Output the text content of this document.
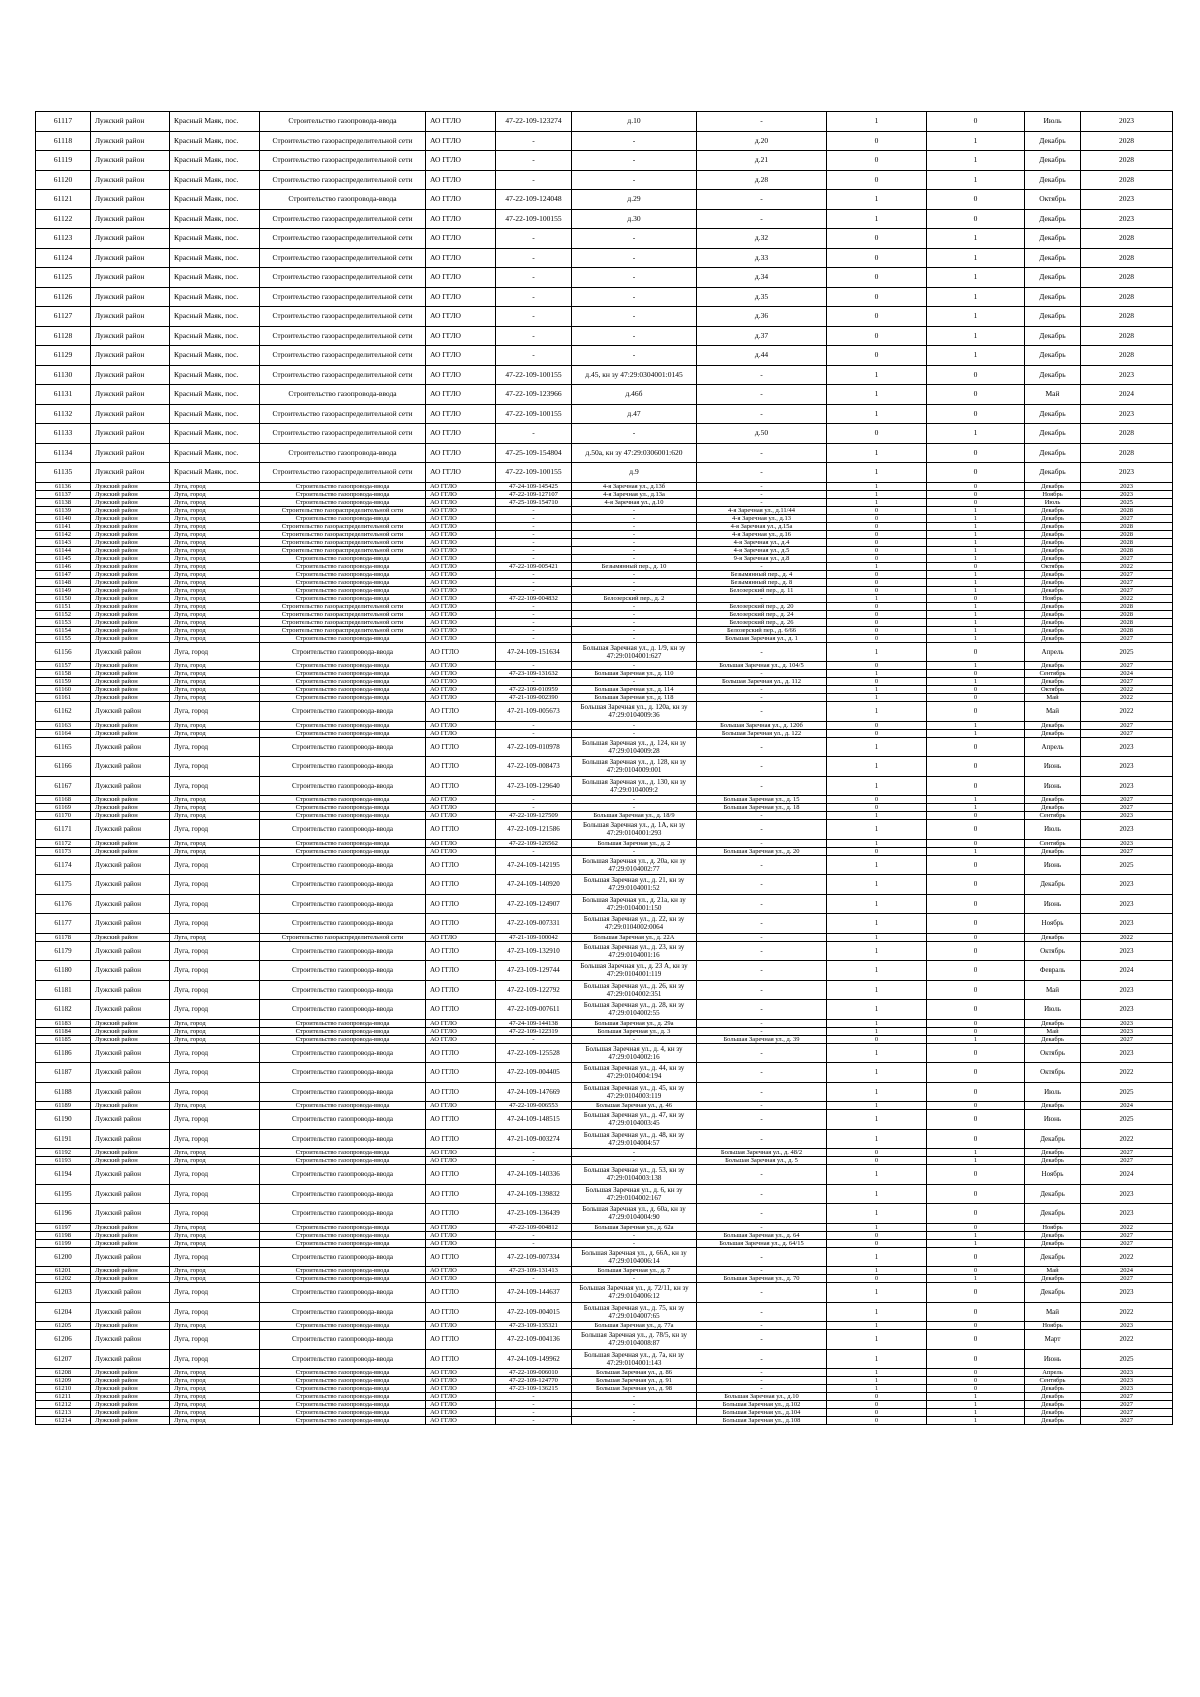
61117	Лужский район	Красный Маяк, пос.	Строительство газопровода-ввода	АО ГГЛО	47-22-109-123274	д.10	-	1	0	Июль	2023
61118	Лужский район	Красный Маяк, пос.	Строительство газораспределительной сети	АО ГГЛО	-	-	д.20	0	1	Декабрь	2028
61119	Лужский район	Красный Маяк, пос.	Строительство газораспределительной сети	АО ГГЛО	-	-	д.21	0	1	Декабрь	2028
61120	Лужский район	Красный Маяк, пос.	Строительство газораспределительной сети	АО ГГЛО	-	-	д.28	0	1	Декабрь	2028
61121	Лужский район	Красный Маяк, пос.	Строительство газопровода-ввода	АО ГГЛО	47-22-109-124048	д.29	-	1	0	Октябрь	2023
61122	Лужский район	Красный Маяк, пос.	Строительство газораспределительной сети	АО ГГЛО	47-22-109-100155	д.30	-	1	0	Декабрь	2023
61123	Лужский район	Красный Маяк, пос.	Строительство газораспределительной сети	АО ГГЛО	-	-	д.32	0	1	Декабрь	2028
61124	Лужский район	Красный Маяк, пос.	Строительство газораспределительной сети	АО ГГЛО	-	-	д.33	0	1	Декабрь	2028
61125	Лужский район	Красный Маяк, пос.	Строительство газораспределительной сети	АО ГГЛО	-	-	д.34	0	1	Декабрь	2028
61126	Лужский район	Красный Маяк, пос.	Строительство газораспределительной сети	АО ГГЛО	-	-	д.35	0	1	Декабрь	2028
61127	Лужский район	Красный Маяк, пос.	Строительство газораспределительной сети	АО ГГЛО	-	-	д.36	0	1	Декабрь	2028
61128	Лужский район	Красный Маяк, пос.	Строительство газораспределительной сети	АО ГГЛО	-	-	д.37	0	1	Декабрь	2028
61129	Лужский район	Красный Маяк, пос.	Строительство газораспределительной сети	АО ГГЛО	-	-	д.44	0	1	Декабрь	2028
61130	Лужский район	Красный Маяк, пос.	Строительство газораспределительной сети	АО ГГЛО	47-22-109-100155	д.45, кн зу 47:29:0304001:0145	-	1	0	Декабрь	2023
61131	Лужский район	Красный Маяк, пос.	Строительство газопровода-ввода	АО ГГЛО	47-22-109-123966	д.46б	-	1	0	Май	2024
61132	Лужский район	Красный Маяк, пос.	Строительство газораспределительной сети	АО ГГЛО	47-22-109-100155	д.47	-	1	0	Декабрь	2023
61133	Лужский район	Красный Маяк, пос.	Строительство газораспределительной сети	АО ГГЛО	-	-	д.50	0	1	Декабрь	2028
61134	Лужский район	Красный Маяк, пос.	Строительство газопровода-ввода	АО ГГЛО	47-25-109-154804	д.50а, кн зу 47:29:0306001:620	-	1	0	Декабрь	2028
61135	Лужский район	Красный Маяк, пос.	Строительство газораспределительной сети	АО ГГЛО	47-22-109-100155	д.9	-	1	0	Декабрь	2023
61136	Лужский район	Луга, город	Строительство газопровода-ввода	АО ГГЛО	47-24-109-145425	4-я Заречная ул., д.13б	-	1	0	Декабрь	2023
61137	Лужский район	Луга, город	Строительство газопровода-ввода	АО ГГЛО	47-22-109-127107	4-я Заречная ул., д.13а	-	1	0	Ноябрь	2023
61138	Лужский район	Луга, город	Строительство газопровода-ввода	АО ГГЛО	47-25-109-154710	4-я Заречная ул., д.10	-	1	0	Июль	2025
61139	Лужский район	Луга, город	Строительство газораспределительной сети	АО ГГЛО	-	-	4-я Заречная ул., д.11/44	0	1	Декабрь	2028
61140	Лужский район	Луга, город	Строительство газопровода-ввода	АО ГГЛО	-	-	4-я Заречная ул., д.13	0	1	Декабрь	2027
61141	Лужский район	Луга, город	Строительство газораспределительной сети	АО ГГЛО	-	-	4-я Заречная ул., д.15а	0	1	Декабрь	2028
61142	Лужский район	Луга, город	Строительство газораспределительной сети	АО ГГЛО	-	-	4-я Заречная ул., д.16	0	1	Декабрь	2028
61143	Лужский район	Луга, город	Строительство газораспределительной сети	АО ГГЛО	-	-	4-я Заречная ул., д.4	0	1	Декабрь	2028
61144	Лужский район	Луга, город	Строительство газораспределительной сети	АО ГГЛО	-	-	4-я Заречная ул., д.5	0	1	Декабрь	2028
61145	Лужский район	Луга, город	Строительство газопровода-ввода	АО ГГЛО	-	-	9-я Заречная ул., д.8	0	1	Декабрь	2027
61146	Лужский район	Луга, город	Строительство газопровода-ввода	АО ГГЛО	47-22-109-005421	Безымянный пер., д. 10	-	1	0	Октябрь	2022
61147	Лужский район	Луга, город	Строительство газопровода-ввода	АО ГГЛО	-	-	Безымянный пер., д. 4	0	1	Декабрь	2027
61148	Лужский район	Луга, город	Строительство газопровода-ввода	АО ГГЛО	-	-	Безымянный пер., д. 8	0	1	Декабрь	2027
61149	Лужский район	Луга, город	Строительство газопровода-ввода	АО ГГЛО	-	-	Белозерский пер., д. 11	0	1	Декабрь	2027
61150	Лужский район	Луга, город	Строительство газопровода-ввода	АО ГГЛО	47-22-109-004832	Белозерский пер., д. 2	-	1	0	Ноябрь	2022
61151	Лужский район	Луга, город	Строительство газораспределительной сети	АО ГГЛО	-	-	Белозерский пер., д. 20	0	1	Декабрь	2028
61152	Лужский район	Луга, город	Строительство газораспределительной сети	АО ГГЛО	-	-	Белозерский пер., д. 24	0	1	Декабрь	2028
61153	Лужский район	Луга, город	Строительство газораспределительной сети	АО ГГЛО	-	-	Белозерский пер., д. 26	0	1	Декабрь	2028
61154	Лужский район	Луга, город	Строительство газораспределительной сети	АО ГГЛО	-	-	Белозерский пер., д. 6/66	0	1	Декабрь	2028
61155	Лужский район	Луга, город	Строительство газопровода-ввода	АО ГГЛО	-	-	Большая Заречная ул., д. 1	0	1	Декабрь	2027
61156	Лужский район	Луга, город	Строительство газопровода-ввода	АО ГГЛО	47-24-109-151634	Большая Заречная ул., д. 1/9, кн зу 47:29:0104001:627	-	1	0	Апрель	2025
61157	Лужский район	Луга, город	Строительство газопровода-ввода	АО ГГЛО	-	-	Большая Заречная ул., д. 104/5	0	1	Декабрь	2027
61158	Лужский район	Луга, город	Строительство газопровода-ввода	АО ГГЛО	47-23-109-131632	Большая Заречная ул., д. 110	-	1	0	Сентябрь	2024
61159	Лужский район	Луга, город	Строительство газопровода-ввода	АО ГГЛО	-	-	Большая Заречная ул., д. 112	0	1	Декабрь	2027
61160	Лужский район	Луга, город	Строительство газопровода-ввода	АО ГГЛО	47-22-109-010959	Большая Заречная ул., д. 114	-	1	0	Октябрь	2022
61161	Лужский район	Луга, город	Строительство газопровода-ввода	АО ГГЛО	47-21-109-002390	Большая Заречная ул., д. 118	-	1	0	Май	2022
61162	Лужский район	Луга, город	Строительство газопровода-ввода	АО ГГЛО	47-21-109-005673	Большая Заречная ул., д. 120а, кн зу 47:29:0104009:36	-	1	0	Май	2022
61163	Лужский район	Луга, город	Строительство газопровода-ввода	АО ГГЛО	-	-	Большая Заречная ул., д. 120б	0	1	Декабрь	2027
61164	Лужский район	Луга, город	Строительство газопровода-ввода	АО ГГЛО	-	-	Большая Заречная ул., д. 122	0	1	Декабрь	2027
61165	Лужский район	Луга, город	Строительство газопровода-ввода	АО ГГЛО	47-22-109-010978	Большая Заречная ул., д. 124, кн зу 47:29:0104009:28	-	1	0	Апрель	2023
61166	Лужский район	Луга, город	Строительство газопровода-ввода	АО ГГЛО	47-22-109-008473	Большая Заречная ул., д. 128, кн зу 47:29:0104009:001	-	1	0	Июнь	2023
61167	Лужский район	Луга, город	Строительство газопровода-ввода	АО ГГЛО	47-23-109-129640	Большая Заречная ул., д. 130, кн зу 47:29:0104009:2	-	1	0	Июнь	2023
61168	Лужский район	Луга, город	Строительство газопровода-ввода	АО ГГЛО	-	-	Большая Заречная ул., д. 15	0	1	Декабрь	2027
61169	Лужский район	Луга, город	Строительство газопровода-ввода	АО ГГЛО	-	-	Большая Заречная ул., д. 18	0	1	Декабрь	2027
61170	Лужский район	Луга, город	Строительство газопровода-ввода	АО ГГЛО	47-22-109-127509	Большая Заречная ул., д. 18/9	-	1	0	Сентябрь	2023
61171	Лужский район	Луга, город	Строительство газопровода-ввода	АО ГГЛО	47-22-109-121586	Большая Заречная ул., д. 1А, кн зу 47:29:0104001:293	-	1	0	Июль	2023
61172	Лужский район	Луга, город	Строительство газопровода-ввода	АО ГГЛО	47-22-109-126562	Большая Заречная ул., д. 2	-	1	0	Сентябрь	2023
61173	Лужский район	Луга, город	Строительство газопровода-ввода	АО ГГЛО	-	-	Большая Заречная ул., д. 20	0	1	Декабрь	2027
61174	Лужский район	Луга, город	Строительство газопровода-ввода	АО ГГЛО	47-24-109-142195	Большая Заречная ул., д. 20а, кн зу 47:29:0104002:77	-	1	0	Июнь	2025
61175	Лужский район	Луга, город	Строительство газопровода-ввода	АО ГГЛО	47-24-109-140920	Большая Заречная ул., д. 21, кн зу 47:29:0104001:52	-	1	0	Декабрь	2023
61176	Лужский район	Луга, город	Строительство газопровода-ввода	АО ГГЛО	47-22-109-124907	Большая Заречная ул., д. 21а, кн зу 47:29:0104001:150	-	1	0	Июнь	2023
61177	Лужский район	Луга, город	Строительство газопровода-ввода	АО ГГЛО	47-22-109-007331	Большая Заречная ул., д. 22, кн зу 47:29:0104002:0064	-	1	0	Ноябрь	2023
61178	Лужский район	Луга, город	Строительство газораспределительной сети	АО ГГЛО	47-21-109-100042	Большая Заречная ул., д. 22А	-	1	0	Декабрь	2022
61179	Лужский район	Луга, город	Строительство газопровода-ввода	АО ГГЛО	47-23-109-132910	Большая Заречная ул., д. 23, кн зу 47:29:0104001:16	-	1	0	Октябрь	2023
61180	Лужский район	Луга, город	Строительство газопровода-ввода	АО ГГЛО	47-23-109-129744	Большая Заречная ул., д. 23 А, кн зу 47:29:0104001:119	-	1	0	Февраль	2024
61181	Лужский район	Луга, город	Строительство газопровода-ввода	АО ГГЛО	47-22-109-122792	Большая Заречная ул., д. 26, кн зу 47:29:0104002:351	-	1	0	Май	2023
61182	Лужский район	Луга, город	Строительство газопровода-ввода	АО ГГЛО	47-22-109-007611	Большая Заречная ул., д. 28, кн зу 47:29:0104002:55	-	1	0	Июль	2023
61183	Лужский район	Луга, город	Строительство газопровода-ввода	АО ГГЛО	47-24-109-144138	Большая Заречная ул., д. 29а	-	1	0	Декабрь	2023
61184	Лужский район	Луга, город	Строительство газопровода-ввода	АО ГГЛО	47-22-109-122319	Большая Заречная ул., д. 3	-	1	0	Май	2023
61185	Лужский район	Луга, город	Строительство газопровода-ввода	АО ГГЛО	-	-	Большая Заречная ул., д. 39	0	1	Декабрь	2027
61186	Лужский район	Луга, город	Строительство газопровода-ввода	АО ГГЛО	47-22-109-125528	Большая Заречная ул., д. 4, кн зу 47:29:0104002:16	-	1	0	Октябрь	2023
61187	Лужский район	Луга, город	Строительство газопровода-ввода	АО ГГЛО	47-22-109-004405	Большая Заречная ул., д. 44, кн зу 47:29:0104004:194	-	1	0	Октябрь	2022
61188	Лужский район	Луга, город	Строительство газопровода-ввода	АО ГГЛО	47-24-109-147669	Большая Заречная ул., д. 45, кн зу 47:29:0104003:119	-	1	0	Июль	2025
61189	Лужский район	Луга, город	Строительство газопровода-ввода	АО ГГЛО	47-22-109-006553	Большая Заречная ул., д. 46	-	1	0	Декабрь	2024
61190	Лужский район	Луга, город	Строительство газопровода-ввода	АО ГГЛО	47-24-109-148515	Большая Заречная ул., д. 47, кн зу 47:29:0104003:45	-	1	0	Июнь	2025
61191	Лужский район	Луга, город	Строительство газопровода-ввода	АО ГГЛО	47-21-109-003274	Большая Заречная ул., д. 48, кн зу 47:29:0104004:57	-	1	0	Декабрь	2022
61192	Лужский район	Луга, город	Строительство газопровода-ввода	АО ГГЛО	-	-	Большая Заречная ул., д. 48/2	0	1	Декабрь	2027
61193	Лужский район	Луга, город	Строительство газопровода-ввода	АО ГГЛО	-	-	Большая Заречная ул., д. 5	0	1	Декабрь	2027
61194	Лужский район	Луга, город	Строительство газопровода-ввода	АО ГГЛО	47-24-109-140336	Большая Заречная ул., д. 53, кн зу 47:29:0104003:138	-	1	0	Ноябрь	2024
61195	Лужский район	Луга, город	Строительство газопровода-ввода	АО ГГЛО	47-24-109-139832	Большая Заречная ул., д. 6, кн зу 47:29:0104002:167	-	1	0	Декабрь	2023
61196	Лужский район	Луга, город	Строительство газопровода-ввода	АО ГГЛО	47-23-109-136439	Большая Заречная ул., д. 60а, кн зу 47:29:0104004:90	-	1	0	Декабрь	2023
61197	Лужский район	Луга, город	Строительство газопровода-ввода	АО ГГЛО	47-22-109-004812	Большая Заречная ул., д. 62а	-	1	0	Ноябрь	2022
61198	Лужский район	Луга, город	Строительство газопровода-ввода	АО ГГЛО	-	-	Большая Заречная ул., д. 64	0	1	Декабрь	2027
61199	Лужский район	Луга, город	Строительство газопровода-ввода	АО ГГЛО	-	-	Большая Заречная ул., д. 64/15	0	1	Декабрь	2027
61200	Лужский район	Луга, город	Строительство газопровода-ввода	АО ГГЛО	47-22-109-007334	Большая Заречная ул., д. 66А, кн зу 47:29:0104006:14	-	1	0	Декабрь	2022
61201	Лужский район	Луга, город	Строительство газопровода-ввода	АО ГГЛО	47-23-109-131413	Большая Заречная ул., д. 7	-	1	0	Май	2024
61202	Лужский район	Луга, город	Строительство газопровода-ввода	АО ГГЛО	-	-	Большая Заречная ул., д. 70	0	1	Декабрь	2027
61203	Лужский район	Луга, город	Строительство газопровода-ввода	АО ГГЛО	47-24-109-144637	Большая Заречная ул., д. 72/11, кн зу 47:29:0104006:12	-	1	0	Декабрь	2023
61204	Лужский район	Луга, город	Строительство газопровода-ввода	АО ГГЛО	47-22-109-004015	Большая Заречная ул., д. 75, кн зу 47:29:0104007:65	-	1	0	Май	2022
61205	Лужский район	Луга, город	Строительство газопровода-ввода	АО ГГЛО	47-23-109-135321	Большая Заречная ул., д. 77а	-	1	0	Ноябрь	2023
61206	Лужский район	Луга, город	Строительство газопровода-ввода	АО ГГЛО	47-22-109-004136	Большая Заречная ул., д. 78/5, кн зу 47:29:0104008:87	-	1	0	Март	2022
61207	Лужский район	Луга, город	Строительство газопровода-ввода	АО ГГЛО	47-24-109-149962	Большая Заречная ул., д. 7а, кн зу 47:29:0104001:143	-	1	0	Июнь	2025
61208	Лужский район	Луга, город	Строительство газопровода-ввода	АО ГГЛО	47-22-109-006010	Большая Заречная ул., д. 86	-	1	0	Апрель	2023
61209	Лужский район	Луга, город	Строительство газопровода-ввода	АО ГГЛО	47-22-109-124770	Большая Заречная ул., д. 91	-	1	0	Сентябрь	2023
61210	Лужский район	Луга, город	Строительство газопровода-ввода	АО ГГЛО	47-23-109-136215	Большая Заречная ул., д. 98	-	1	0	Декабрь	2023
61211	Лужский район	Луга, город	Строительство газопровода-ввода	АО ГГЛО	-	-	Большая Заречная ул., д.10	0	1	Декабрь	2027
61212	Лужский район	Луга, город	Строительство газопровода-ввода	АО ГГЛО	-	-	Большая Заречная ул., д.102	0	1	Декабрь	2027
61213	Лужский район	Луга, город	Строительство газопровода-ввода	АО ГГЛО	-	-	Большая Заречная ул., д.104	0	1	Декабрь	2027
61214	Лужский район	Луга, город	Строительство газопровода-ввода	АО ГГЛО	-	-	Большая Заречная ул., д.108	0	1	Декабрь	2027
